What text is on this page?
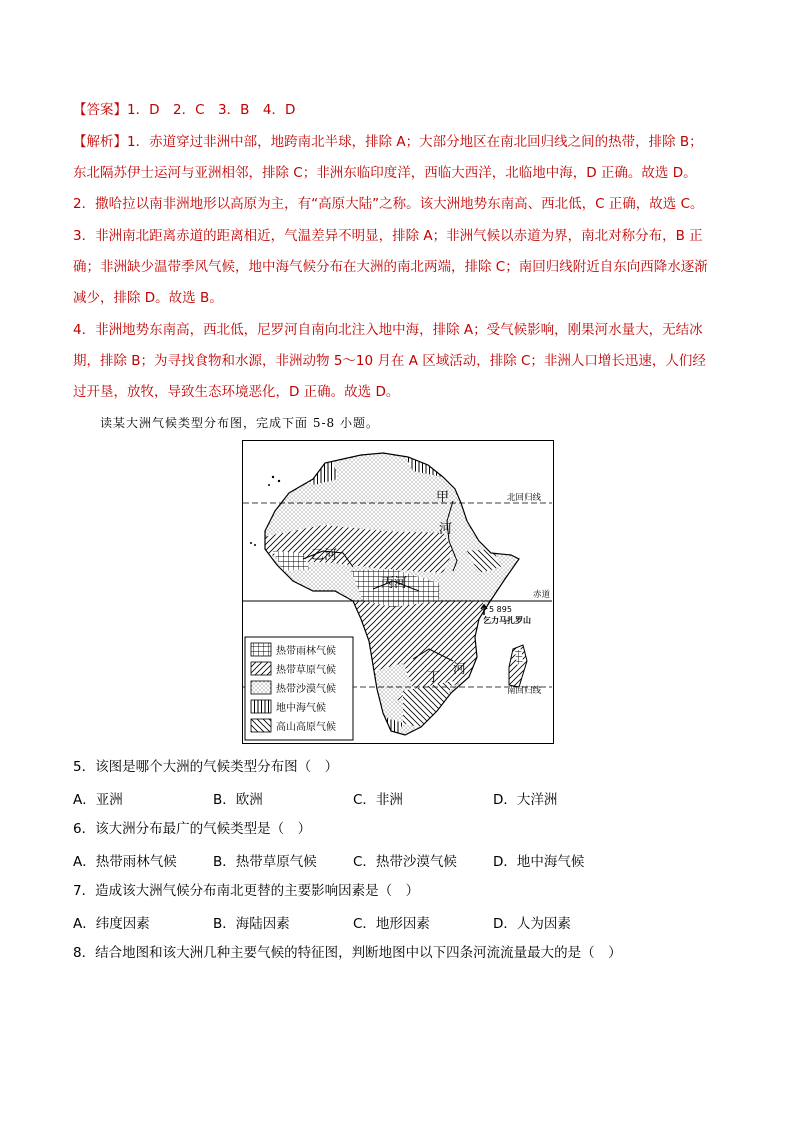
【答案】1．D　2．C　3．B　4．D
【解析】1．赤道穿过非洲中部，地跨南北半球，排除 A；大部分地区在南北回归线之间的热带，排除 B；
东北隔苏伊士运河与亚洲相邻，排除 C；非洲东临印度洋，西临大西洋，北临地中海，D 正确。故选 D。
2．撒哈拉以南非洲地形以高原为主，有“高原大陆”之称。该大洲地势东南高、西北低，C 正确，故选 C。
3．非洲南北距离赤道的距离相近，气温差异不明显，排除 A；非洲气候以赤道为界，南北对称分布，B 正
确；非洲缺少温带季风气候，地中海气候分布在大洲的南北两端，排除 C；南回归线附近自东向西降水逐渐
减少，排除 D。故选 B。
4．非洲地势东南高，西北低，尼罗河自南向北注入地中海，排除 A；受气候影响，刚果河水量大，无结冰
期，排除 B；为寻找食物和水源，非洲动物 5～10 月在 A 区域活动，排除 C；非洲人口增长迅速，人们经
过开垦，放牧，导致生态环境恶化，D 正确。故选 D。
读某大洲气候类型分布图，完成下面 5-8 小题。
甲
河
北回归线
乙河
丙河
赤道
5 895
乞力马扎罗山
丁
河
南回归线
热带雨林气候
热带草原气候
热带沙漠气候
地中海气候
高山高原气候
5．该图是哪个大洲的气候类型分布图（　）
A．亚洲	B．欧洲	C．非洲	D．大洋洲
6．该大洲分布最广的气候类型是（　）
A．热带雨林气候	B．热带草原气候	C．热带沙漠气候	D．地中海气候
7．造成该大洲气候分布南北更替的主要影响因素是（　）
A．纬度因素	B．海陆因素	C．地形因素	D．人为因素
8．结合地图和该大洲几种主要气候的特征图，判断地图中以下四条河流流量最大的是（　）
